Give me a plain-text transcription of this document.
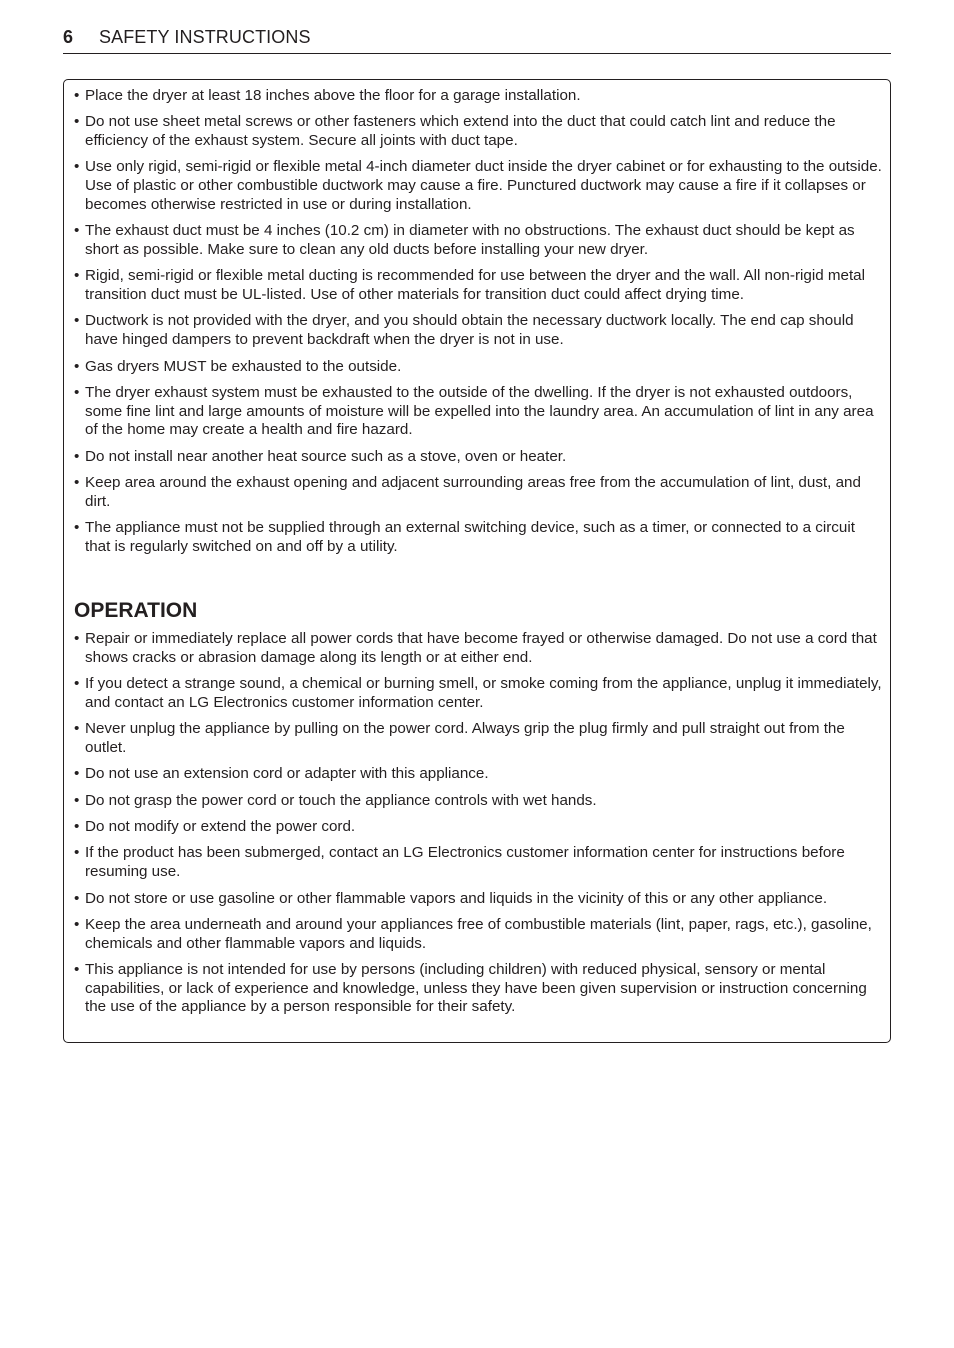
6 SAFETY INSTRUCTIONS
• Place the dryer at least 18 inches above the floor for a garage installation.
• Do not use sheet metal screws or other fasteners which extend into the duct that could catch lint and reduce the efficiency of the exhaust system. Secure all joints with duct tape.
• Use only rigid, semi-rigid or flexible metal 4-inch diameter duct inside the dryer cabinet or for exhausting to the outside. Use of plastic or other combustible ductwork may cause a fire. Punctured ductwork may cause a fire if it collapses or becomes otherwise restricted in use or during installation.
• The exhaust duct must be 4 inches (10.2 cm) in diameter with no obstructions. The exhaust duct should be kept as short as possible. Make sure to clean any old ducts before installing your new dryer.
• Rigid, semi-rigid or flexible metal ducting is recommended for use between the dryer and the wall. All non-rigid metal transition duct must be UL-listed. Use of other materials for transition duct could affect drying time.
• Ductwork is not provided with the dryer, and you should obtain the necessary ductwork locally. The end cap should have hinged dampers to prevent backdraft when the dryer is not in use.
• Gas dryers MUST be exhausted to the outside.
• The dryer exhaust system must be exhausted to the outside of the dwelling. If the dryer is not exhausted outdoors, some fine lint and large amounts of moisture will be expelled into the laundry area. An accumulation of lint in any area of the home may create a health and fire hazard.
• Do not install near another heat source such as a stove, oven or heater.
• Keep area around the exhaust opening and adjacent surrounding areas free from the accumulation of lint, dust, and dirt.
• The appliance must not be supplied through an external switching device, such as a timer, or connected to a circuit that is regularly switched on and off by a utility.
OPERATION
• Repair or immediately replace all power cords that have become frayed or otherwise damaged. Do not use a cord that shows cracks or abrasion damage along its length or at either end.
• If you detect a strange sound, a chemical or burning smell, or smoke coming from the appliance, unplug it immediately, and contact an LG Electronics customer information center.
• Never unplug the appliance by pulling on the power cord. Always grip the plug firmly and pull straight out from the outlet.
• Do not use an extension cord or adapter with this appliance.
• Do not grasp the power cord or touch the appliance controls with wet hands.
• Do not modify or extend the power cord.
• If the product has been submerged, contact an LG Electronics customer information center for instructions before resuming use.
• Do not store or use gasoline or other flammable vapors and liquids in the vicinity of this or any other appliance.
• Keep the area underneath and around your appliances free of combustible materials (lint, paper, rags, etc.), gasoline, chemicals and other flammable vapors and liquids.
• This appliance is not intended for use by persons (including children) with reduced physical, sensory or mental capabilities, or lack of experience and knowledge, unless they have been given supervision or instruction concerning the use of the appliance by a person responsible for their safety.
